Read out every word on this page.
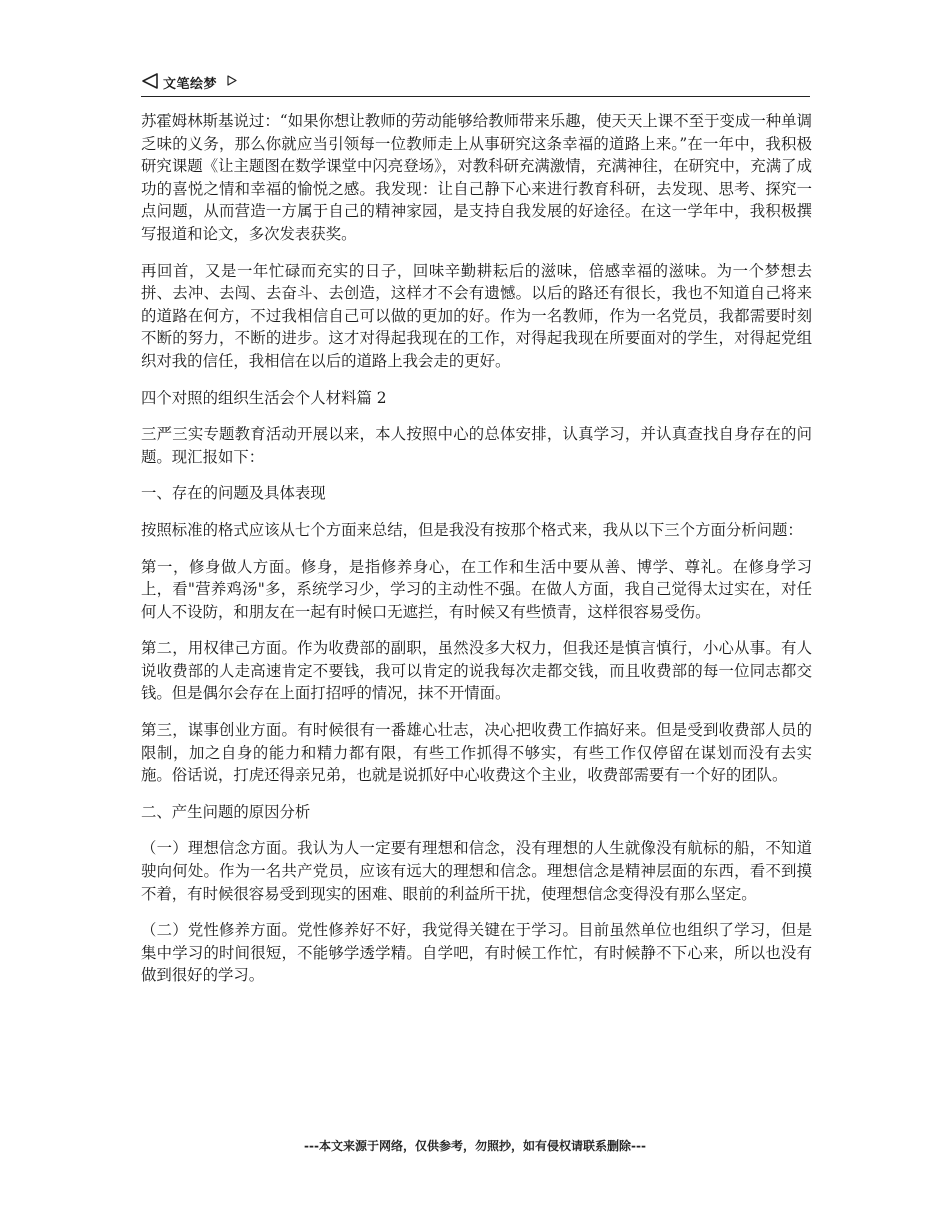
文笔绘梦

苏霍姆林斯基说过：“如果你想让教师的劳动能够给教师带来乐趣，使天天上课不至于变成一种单调乏味的义务，那么你就应当引领每一位教师走上从事研究这条幸福的道路上来。”在一年中，我积极研究课题《让主题图在数学课堂中闪亮登场》，对教科研充满激情，充满神往，在研究中，充满了成功的喜悦之情和幸福的愉悦之感。我发现：让自己静下心来进行教育科研，去发现、思考、探究一点问题，从而营造一方属于自己的精神家园，是支持自我发展的好途径。在这一学年中，我积极撰写报道和论文，多次发表获奖。

再回首，又是一年忙碌而充实的日子，回味辛勤耕耘后的滋味，倍感幸福的滋味。为一个梦想去拼、去冲、去闯、去奋斗、去创造，这样才不会有遗憾。以后的路还有很长，我也不知道自己将来的道路在何方，不过我相信自己可以做的更加的好。作为一名教师，作为一名党员，我都需要时刻不断的努力，不断的进步。这才对得起我现在的工作，对得起我现在所要面对的学生，对得起党组织对我的信任，我相信在以后的道路上我会走的更好。

四个对照的组织生活会个人材料篇 2

三严三实专题教育活动开展以来，本人按照中心的总体安排，认真学习，并认真查找自身存在的问题。现汇报如下：

一、存在的问题及具体表现

按照标准的格式应该从七个方面来总结，但是我没有按那个格式来，我从以下三个方面分析问题：

第一，修身做人方面。修身，是指修养身心，在工作和生活中要从善、博学、尊礼。在修身学习上，看"营养鸡汤"多，系统学习少，学习的主动性不强。在做人方面，我自己觉得太过实在，对任何人不设防，和朋友在一起有时候口无遮拦，有时候又有些愤青，这样很容易受伤。

第二，用权律己方面。作为收费部的副职，虽然没多大权力，但我还是慎言慎行，小心从事。有人说收费部的人走高速肯定不要钱，我可以肯定的说我每次走都交钱，而且收费部的每一位同志都交钱。但是偶尔会存在上面打招呼的情况，抹不开情面。

第三，谋事创业方面。有时候很有一番雄心壮志，决心把收费工作搞好来。但是受到收费部人员的限制，加之自身的能力和精力都有限，有些工作抓得不够实，有些工作仅停留在谋划而没有去实施。俗话说，打虎还得亲兄弟，也就是说抓好中心收费这个主业，收费部需要有一个好的团队。

二、产生问题的原因分析

（一）理想信念方面。我认为人一定要有理想和信念，没有理想的人生就像没有航标的船，不知道驶向何处。作为一名共产党员，应该有远大的理想和信念。理想信念是精神层面的东西，看不到摸不着，有时候很容易受到现实的困难、眼前的利益所干扰，使理想信念变得没有那么坚定。

（二）党性修养方面。党性修养好不好，我觉得关键在于学习。目前虽然单位也组织了学习，但是集中学习的时间很短，不能够学透学精。自学吧，有时候工作忙，有时候静不下心来，所以也没有做到很好的学习。

---本文来源于网络，仅供参考，勿照抄，如有侵权请联系删除---
